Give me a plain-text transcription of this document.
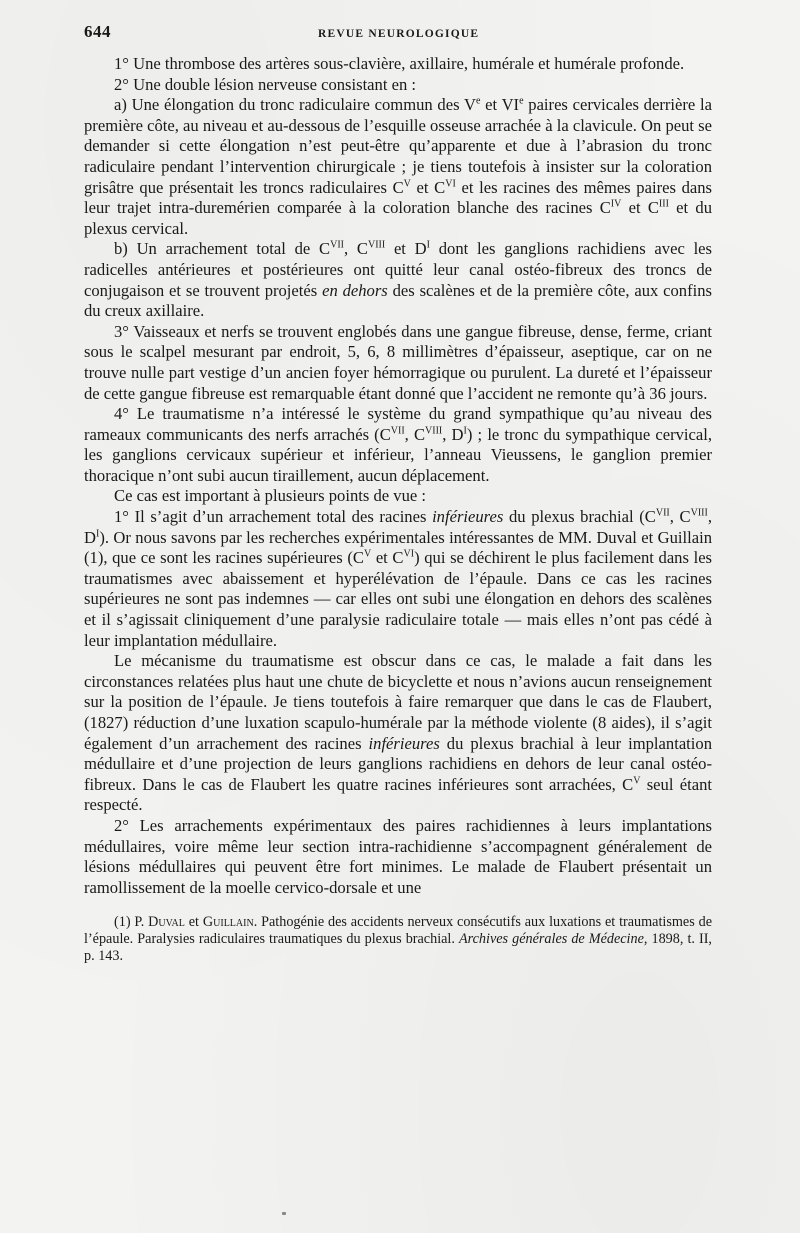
644	REVUE NEUROLOGIQUE

1° Une thrombose des artères sous-clavière, axillaire, humérale et humérale profonde.

2° Une double lésion nerveuse consistant en :

a) Une élongation du tronc radiculaire commun des Ve et VIe paires cervicales derrière la première côte, au niveau et au-dessous de l’esquille osseuse arrachée à la clavicule. On peut se demander si cette élongation n’est peut-être qu’apparente et due à l’abrasion du tronc radiculaire pendant l’intervention chirurgicale ; je tiens toutefois à insister sur la coloration grisâtre que présentait les troncs radiculaires $C^V$ et $C^{VI}$ et les racines des mêmes paires dans leur trajet intra-duremérien comparée à la coloration blanche des racines $C^{IV}$ et $C^{III}$ et du plexus cervical.

b) Un arrachement total de $C^{VII}$, $C^{VIII}$ et $D^I$ dont les ganglions rachidiens avec les radicelles antérieures et postérieures ont quitté leur canal ostéo-fibreux des troncs de conjugaison et se trouvent projetés en dehors des scalènes et de la première côte, aux confins du creux axillaire.

3° Vaisseaux et nerfs se trouvent englobés dans une gangue fibreuse, dense, ferme, criant sous le scalpel mesurant par endroit, 5, 6, 8 millimètres d’épaisseur, aseptique, car on ne trouve nulle part vestige d’un ancien foyer hémorragique ou purulent. La dureté et l’épaisseur de cette gangue fibreuse est remarquable étant donné que l’accident ne remonte qu’à 36 jours.

4° Le traumatisme n’a intéressé le système du grand sympathique qu’au niveau des rameaux communicants des nerfs arrachés ($C^{VII}$, $C^{VIII}$, $D^I$) ; le tronc du sympathique cervical, les ganglions cervicaux supérieur et inférieur, l’anneau Vieussens, le ganglion premier thoracique n’ont subi aucun tiraillement, aucun déplacement.

Ce cas est important à plusieurs points de vue :

1° Il s’agit d’un arrachement total des racines inférieures du plexus brachial ($C^{VII}$, $C^{VIII}$, $D^I$). Or nous savons par les recherches expérimentales intéressantes de MM. Duval et Guillain (1), que ce sont les racines supérieures ($C^V$ et $C^{VI}$) qui se déchirent le plus facilement dans les traumatismes avec abaissement et hyperélévation de l’épaule. Dans ce cas les racines supérieures ne sont pas indemnes — car elles ont subi une élongation en dehors des scalènes et il s’agissait cliniquement d’une paralysie radiculaire totale — mais elles n’ont pas cédé à leur implantation médullaire.

Le mécanisme du traumatisme est obscur dans ce cas, le malade a fait dans les circonstances relatées plus haut une chute de bicyclette et nous n’avions aucun renseignement sur la position de l’épaule. Je tiens toutefois à faire remarquer que dans le cas de Flaubert, (1827) réduction d’une luxation scapulo-humérale par la méthode violente (8 aides), il s’agit également d’un arrachement des racines inférieures du plexus brachial à leur implantation médullaire et d’une projection de leurs ganglions rachidiens en dehors de leur canal ostéo-fibreux. Dans le cas de Flaubert les quatre racines inférieures sont arrachées, $C^V$ seul étant respecté.

2° Les arrachements expérimentaux des paires rachidiennes à leurs implantations médullaires, voire même leur section intra-rachidienne s’accompagnent généralement de lésions médullaires qui peuvent être fort minimes. Le malade de Flaubert présentait un ramollissement de la moelle cervico-dorsale et une

(1) P. Duval et Guillain. Pathogénie des accidents nerveux consécutifs aux luxations et traumatismes de l’épaule. Paralysies radiculaires traumatiques du plexus brachial. Archives générales de Médecine, 1898, t. II, p. 143.
